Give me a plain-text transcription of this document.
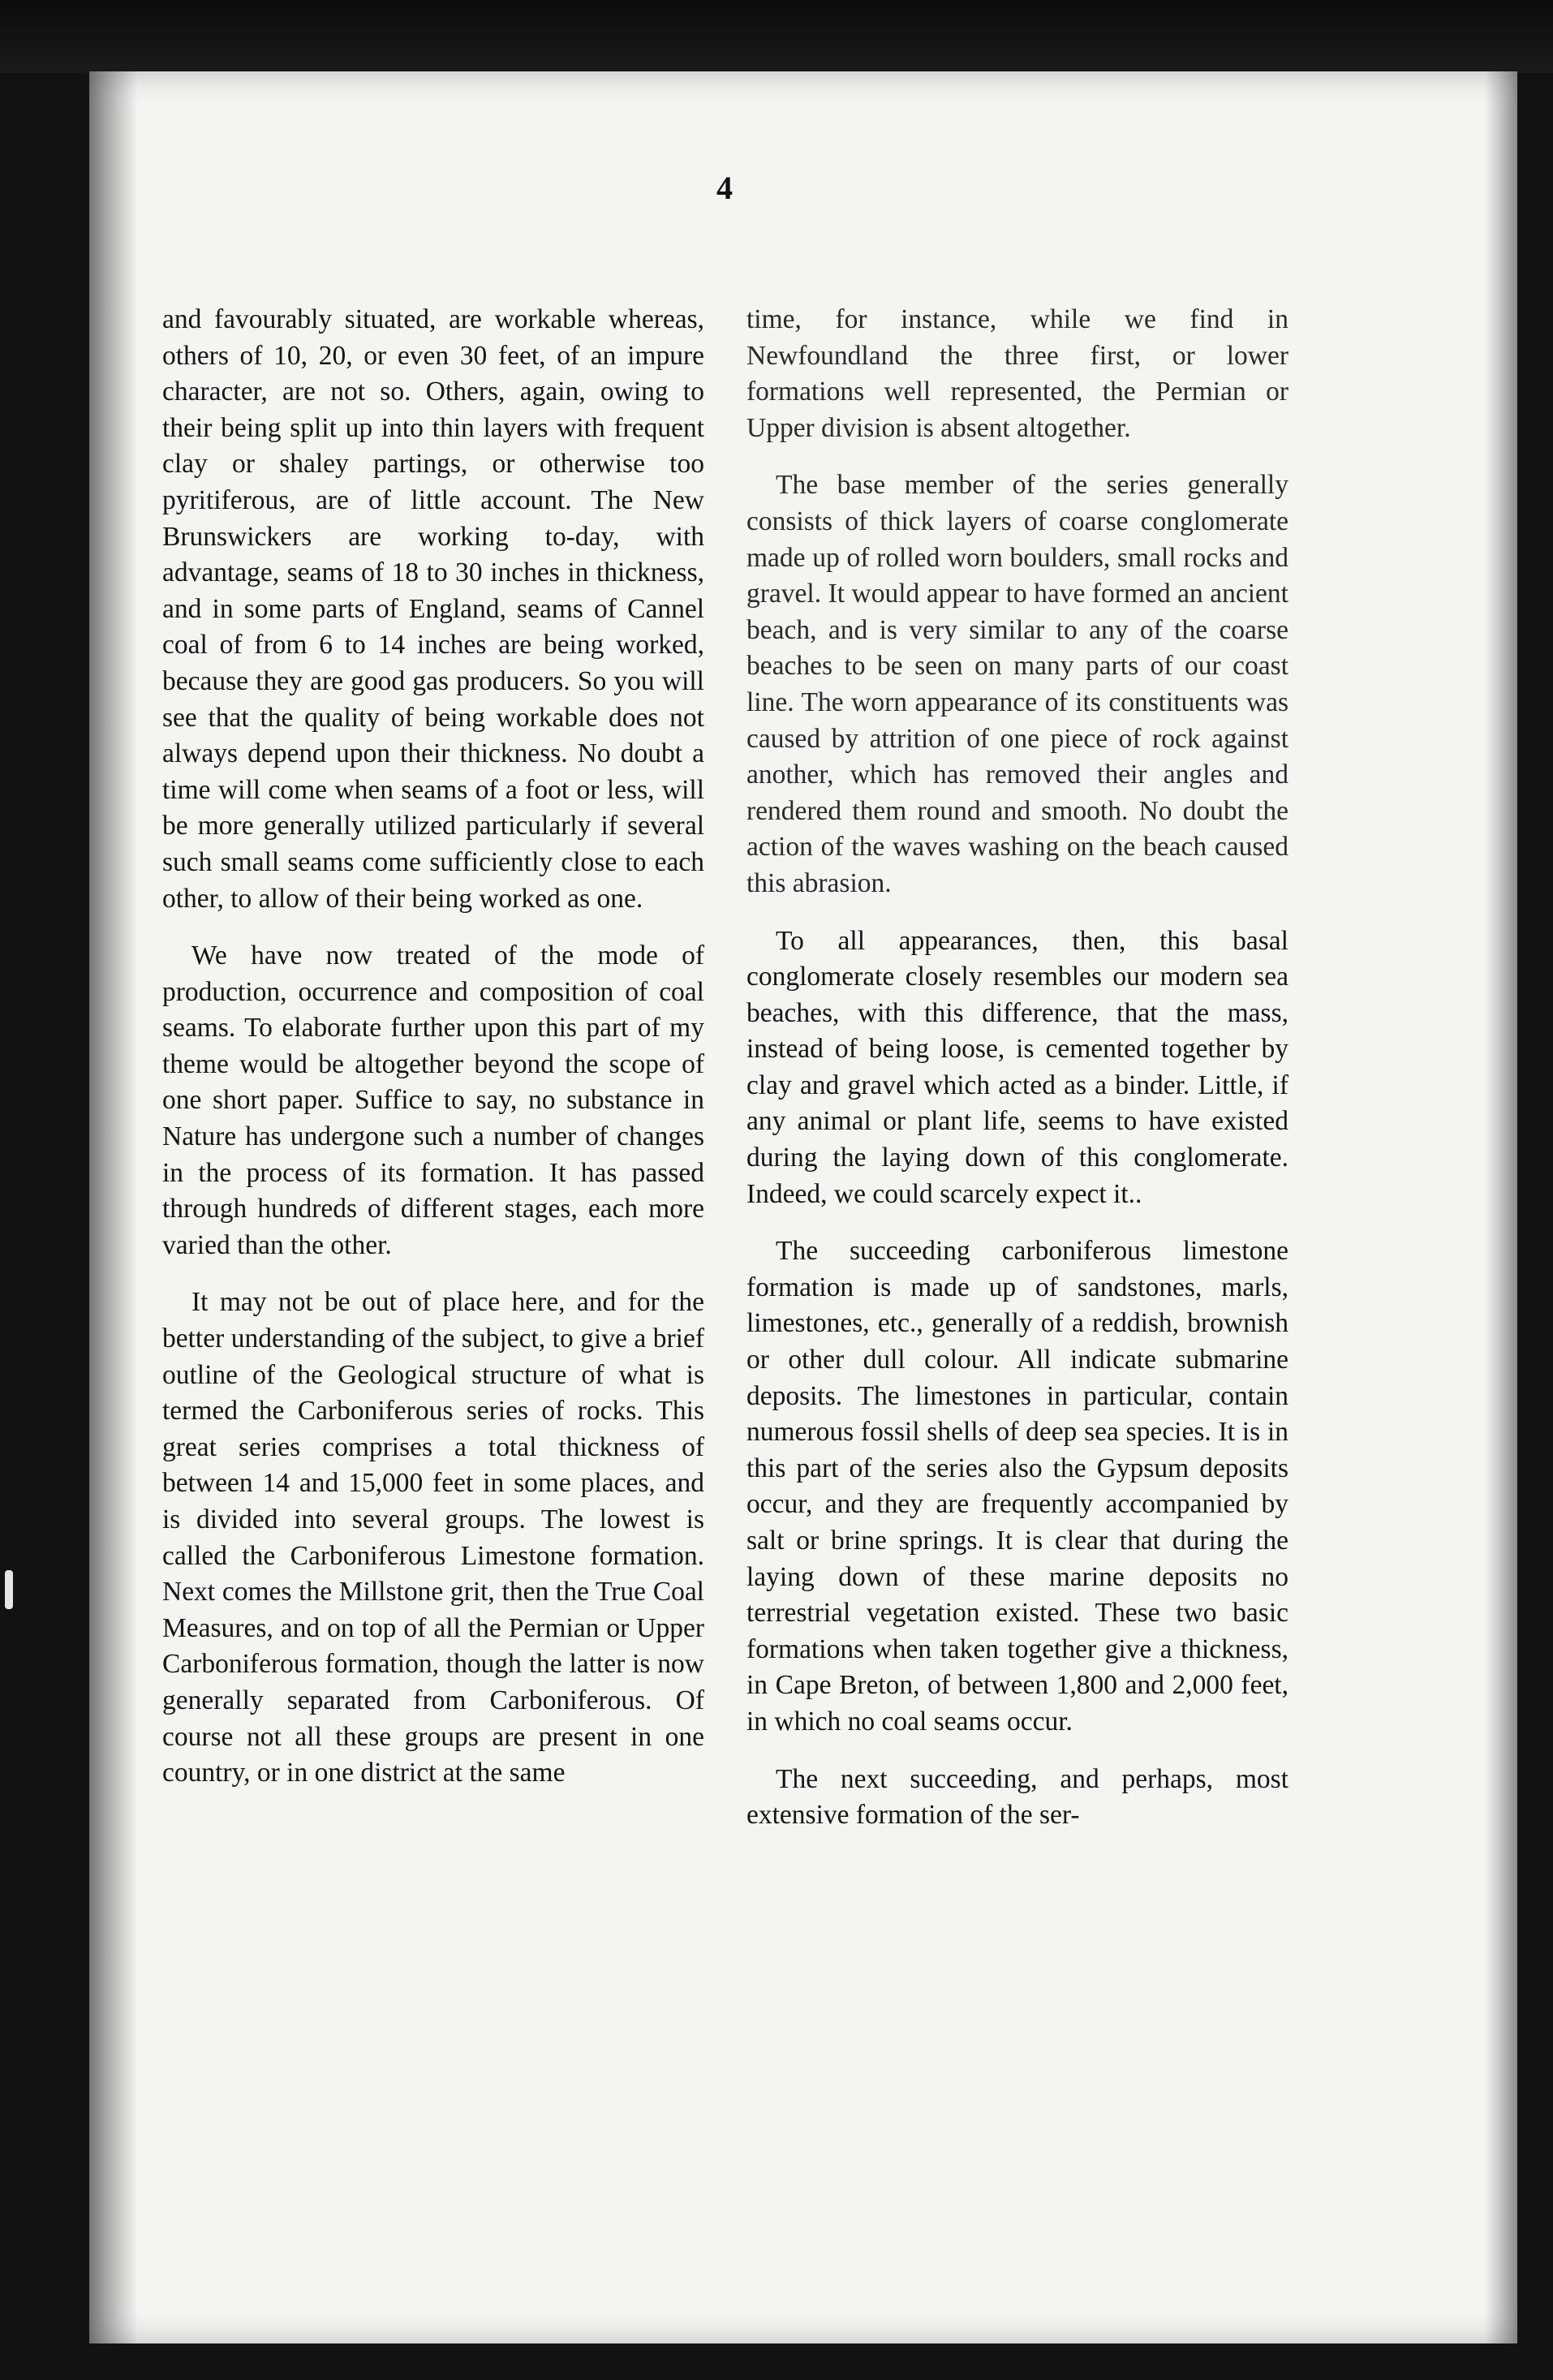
4

and favourably situated, are workable whereas, others of 10, 20, or even 30 feet, of an impure character, are not so. Others, again, owing to their being split up into thin layers with frequent clay or shaley partings, or otherwise too pyritiferous, are of little account. The New Brunswickers are working to-day, with advantage, seams of 18 to 30 inches in thickness, and in some parts of England, seams of Cannel coal of from 6 to 14 inches are being worked, because they are good gas producers. So you will see that the quality of being workable does not always depend upon their thickness. No doubt a time will come when seams of a foot or less, will be more generally utilized particularly if several such small seams come sufficiently close to each other, to allow of their being worked as one.

We have now treated of the mode of production, occurrence and composition of coal seams. To elaborate further upon this part of my theme would be altogether beyond the scope of one short paper. Suffice to say, no substance in Nature has undergone such a number of changes in the process of its formation. It has passed through hundreds of different stages, each more varied than the other.

It may not be out of place here, and for the better understanding of the subject, to give a brief outline of the Geological structure of what is termed the Carboniferous series of rocks. This great series comprises a total thickness of between 14 and 15,000 feet in some places, and is divided into several groups. The lowest is called the Carboniferous Limestone formation. Next comes the Millstone grit, then the True Coal Measures, and on top of all the Permian or Upper Carboniferous formation, though the latter is now generally separated from Carboniferous. Of course not all these groups are present in one country, or in one district at the same

time, for instance, while we find in Newfoundland the three first, or lower formations well represented, the Permian or Upper division is absent altogether.

The base member of the series generally consists of thick layers of coarse conglomerate made up of rolled worn boulders, small rocks and gravel. It would appear to have formed an ancient beach, and is very similar to any of the coarse beaches to be seen on many parts of our coast line. The worn appearance of its constituents was caused by attrition of one piece of rock against another, which has removed their angles and rendered them round and smooth. No doubt the action of the waves washing on the beach caused this abrasion.

To all appearances, then, this basal conglomerate closely resembles our modern sea beaches, with this difference, that the mass, instead of being loose, is cemented together by clay and gravel which acted as a binder. Little, if any animal or plant life, seems to have existed during the laying down of this conglomerate. Indeed, we could scarcely expect it..

The succeeding carboniferous limestone formation is made up of sandstones, marls, limestones, etc., generally of a reddish, brownish or other dull colour. All indicate submarine deposits. The limestones in particular, contain numerous fossil shells of deep sea species. It is in this part of the series also the Gypsum deposits occur, and they are frequently accompanied by salt or brine springs. It is clear that during the laying down of these marine deposits no terrestrial vegetation existed. These two basic formations when taken together give a thickness, in Cape Breton, of between 1,800 and 2,000 feet, in which no coal seams occur.

The next succeeding, and perhaps, most extensive formation of the ser-
